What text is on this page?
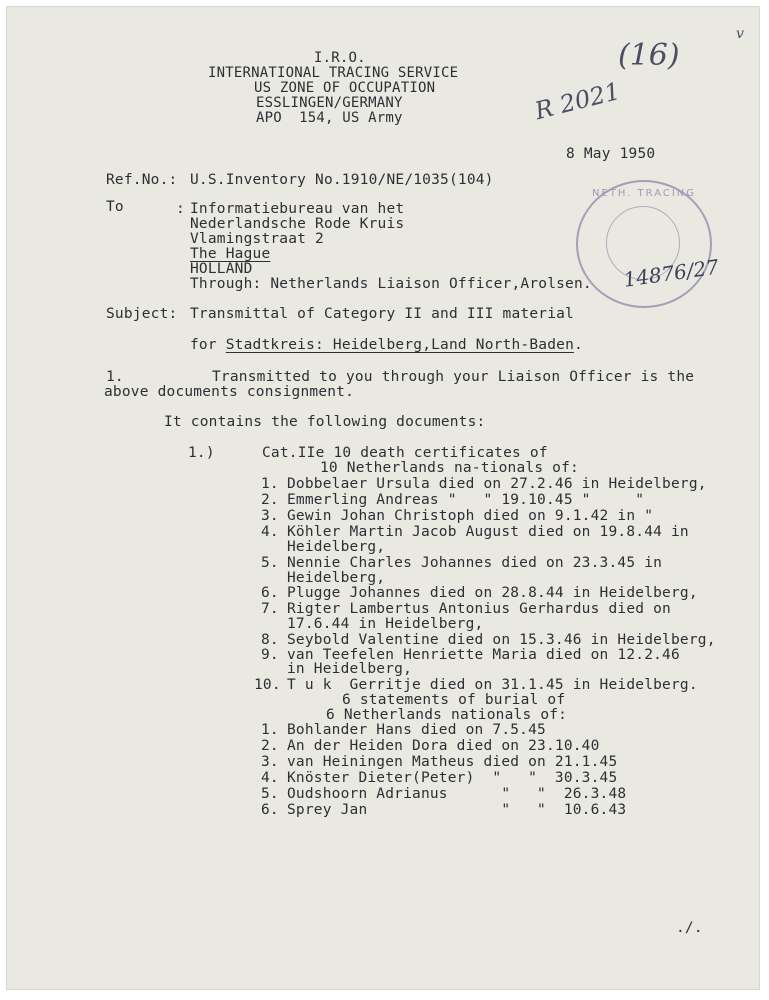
I.R.O.
INTERNATIONAL TRACING SERVICE
US ZONE OF OCCUPATION
ESSLINGEN/GERMANY
APO  154, US Army
(16)
R 2021
v
8 May 1950
Ref.No.: U.S.Inventory No.1910/NE/1035(104)
NETH. TRACING
14876/27
To	: Informatiebureau van het
Nederlandsche Rode Kruis
Vlamingstraat 2
The Hague
HOLLAND
Through: Netherlands Liaison Officer,Arolsen.
Subject: Transmittal of Category II and III material
for Stadtkreis: Heidelberg,Land North-Baden.
1.	Transmitted to you through your Liaison Officer is the
above documents consignment.
It contains the following documents:
1.)	Cat.IIe 10 death certificates of
10 Netherlands na-tionals of:
1. Dobbelaer Ursula died on 27.2.46 in Heidelberg,
2. Emmerling Andreas "   " 19.10.45 "     "
3. Gewin Johan Christoph died on 9.1.42 in "
4. Köhler Martin Jacob August died on 19.8.44 in
Heidelberg,
5. Nennie Charles Johannes died on 23.3.45 in
Heidelberg,
6. Plugge Johannes died on 28.8.44 in Heidelberg,
7. Rigter Lambertus Antonius Gerhardus died on
17.6.44 in Heidelberg,
8. Seybold Valentine died on 15.3.46 in Heidelberg,
9. van Teefelen Henriette Maria died on 12.2.46
in Heidelberg,
10. T u k  Gerritje died on 31.1.45 in Heidelberg.
6 statements of burial of
6 Netherlands nationals of:
1. Bohlander Hans died on 7.5.45
2. An der Heiden Dora died on 23.10.40
3. van Heiningen Matheus died on 21.1.45
4. Knöster Dieter(Peter)  "   "  30.3.45
5. Oudshoorn Adrianus      "   "  26.3.48
6. Sprey Jan               "   "  10.6.43
./.
